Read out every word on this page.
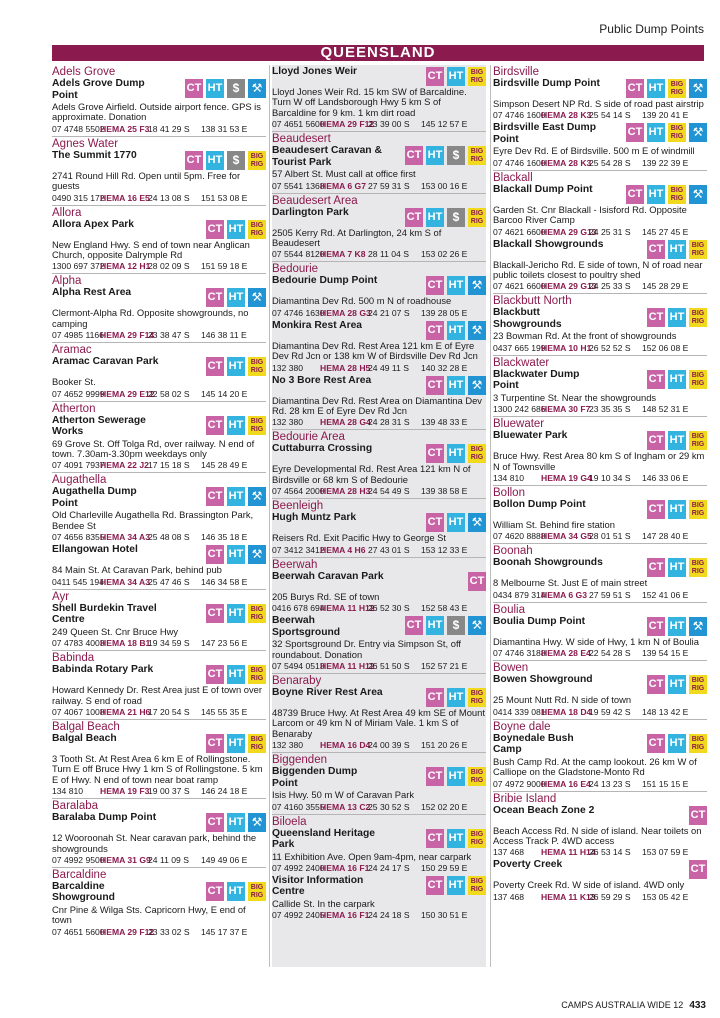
Public Dump Points
QUEENSLAND
Adels Grove
Adels Grove Dump Point
CT HT $	⚒
Adels Grove Airfield. Outside airport fence. GPS is approximate. Donation
07 4748 5502
HEMA 25 F3
18 41 29 S	138 31 53 E
Agnes Water
The Summit 1770	CT HT $	BIG RIG
2741 Round Hill Rd. Open until 5pm. Free for guests
0490 315 172
HEMA 16 E5
24 13 08 S	151 53 08 E
Allora
Allora Apex Park	CT HT	BIG RIG
New England Hwy. S end of town near Anglican Church, opposite Dalrymple Rd
1300 697 372
HEMA 12 H1
28 02 09 S	151 59 18 E
Alpha
Alpha Rest Area	CT HT ⚒
Clermont-Alpha Rd. Opposite showgrounds, no camping
07 4985 1166
HEMA 29 F14
23 38 47 S	146 38 11 E
Aramac
Aramac Caravan Park	CT HT	BIG RIG
Booker St.
07 4652 9999
HEMA 29 E12
22 58 02 S	145 14 20 E
Atherton
Atherton Sewerage Works
CT HT	BIG RIG
69 Grove St. Off Tolga Rd, over railway. N end of town. 7.30am-3.30pm weekdays only
07 4091 7937
HEMA 22 J2 17 15 18 S	145 28 49 E
Augathella
Augathella Dump Point
CT HT ⚒
Old Charleville Augathella Rd. Brassington Park, Bendee St
07 4656 8355
HEMA 34 A3
25 48 08 S	146 35 18 E
Ellangowan Hotel	CT HT ⚒
84 Main St. At Caravan Park, behind pub
0411 545 194
HEMA 34 A3
25 47 46 S	146 34 58 E
Ayr
Shell Burdekin Travel Centre
CT HT	BIG RIG
249 Queen St. Cnr Bruce Hwy
07 4783 4003
HEMA 18 B1
19 34 59 S	147 23 56 E
Babinda
Babinda Rotary Park	CT HT	BIG RIG
Howard Kennedy Dr. Rest Area just E of town over railway. S end of road
07 4067 1008
HEMA 21 H6
17 20 54 S	145 55 35 E
Balgal Beach
Balgal Beach	CT HT	BIG RIG
3 Tooth St. At Rest Area 6 km E of Rollingstone. Turn E off Bruce Hwy 1 km S of Rollingstone. 5 km E of Hwy. N end of town near boat ramp
134 810	HEMA 19 F3
19 00 37 S	146 24 18 E
Baralaba
Baralaba Dump Point	CT HT ⚒
12 Wooroonah St. Near caravan park, behind the showgrounds
07 4992 9500
HEMA 31 G9
24 11 09 S	149 49 06 E
Barcaldine
Barcaldine Showground
CT HT	BIG RIG
Cnr Pine & Wilga Sts. Capricorn Hwy, E end of town
07 4651 5600
HEMA 29 F12
23 33 02 S	145 17 37 E
Lloyd Jones Weir	CT HT	BIG RIG
Lloyd Jones Weir Rd. 15 km SW of Barcaldine. Turn W off Landsborough Hwy 5 km S of Barcaldine for 9 km. 1 km dirt road
07 4651 5600
HEMA 29 F12
23 39 00 S	145 12 57 E
Beaudesert
Beaudesert Caravan & Tourist Park
CT HT $	BIG RIG
57 Albert St. Must call at office first
07 5541 1368
HEMA 6 G7 27 59 31 S	153 00 16 E
Beaudesert Area
Darlington Park	CT HT $	BIG RIG
2505 Kerry Rd. At Darlington, 24 km S of Beaudesert
07 5544 8120
HEMA 7 K8 28 11 04 S	153 02 26 E
Bedourie
Bedourie Dump Point	CT HT ⚒
Diamantina Dev Rd. 500 m N of roadhouse
07 4746 1630
HEMA 28 G3
24 21 07 S	139 28 05 E
Monkira Rest Area	CT HT ⚒
Diamantina Dev Rd. Rest Area 121 km E of Eyre Dev Rd Jcn or 138 km W of Birdsville Dev Rd Jcn
132 380	HEMA 28 H5
24 49 11 S	140 32 28 E
No 3 Bore Rest Area	CT HT ⚒
Diamantina Dev Rd. Rest Area on Diamantina Dev Rd. 28 km E of Eyre Dev Rd Jcn
132 380	HEMA 28 G4
24 28 31 S	139 48 33 E
Bedourie Area
Cuttaburra Crossing	CT HT	BIG RIG
Eyre Developmental Rd. Rest Area 121 km N of Birdsville or 68 km S of Bedourie
07 4564 2000
HEMA 28 H3
24 54 49 S	139 38 58 E
Beenleigh
Hugh Muntz Park	CT HT ⚒
Reisers Rd. Exit Pacific Hwy to George St
07 3412 3412
HEMA 4 H6 27 43 01 S	153 12 33 E
Beerwah
Beerwah Caravan Park	CT
205 Burys Rd. SE of town
0416 678 694
HEMA 11 H12
26 52 30 S	152 58 43 E
Beerwah Sportsground
CT HT $	⚒
32 Sportsground Dr. Entry via Simpson St, off roundabout. Donation
07 5494 0513
HEMA 11 H12
26 51 50 S	152 57 21 E
Benaraby
Boyne River Rest Area	CT HT	BIG RIG
48739 Bruce Hwy. At Rest Area 49 km SE of Mount Larcom or 49 km N of Miriam Vale. 1 km S of Benaraby
132 380	HEMA 16 D4
24 00 39 S	151 20 26 E
Biggenden
Biggenden Dump Point
CT HT	BIG RIG
Isis Hwy. 50 m W of Caravan Park
07 4160 3555
HEMA 13 C2
25 30 52 S	152 02 20 E
Biloela
Queensland Heritage Park
CT HT	BIG RIG
11 Exhibition Ave. Open 9am-4pm, near carpark
07 4992 2400
HEMA 16 F1
24 24 17 S	150 29 59 E
Visitor Information Centre
CT HT	BIG RIG
Callide St. In the carpark
07 4992 2405
HEMA 16 F1
24 24 18 S	150 30 51 E
Birdsville
Birdsville Dump Point	CT HT	BIG RIG ⚒
Simpson Desert NP Rd. S side of road past airstrip
07 4746 1600
HEMA 28 K3
25 54 14 S	139 20 41 E
Birdsville East Dump Point
CT HT	BIG RIG ⚒
Eyre Dev Rd. E of Birdsville. 500 m E of windmill
07 4746 1600
HEMA 28 K3
25 54 28 S	139 22 39 E
Blackall
Blackall Dump Point	CT HT	BIG RIG ⚒
Garden St. Cnr Blackall - Isisford Rd. Opposite Barcoo River Camp
07 4621 6600
HEMA 29 G13
24 25 31 S	145 27 45 E
Blackall Showgrounds	CT HT	BIG RIG
Blackall-Jericho Rd. E side of town, N of road near public toilets closest to poultry shed
07 4621 6600
HEMA 29 G13
24 25 33 S	145 28 29 E
Blackbutt North
Blackbutt Showgrounds
CT HT	BIG RIG
23 Bowman Rd. At the front of showgrounds
0437 665 199
HEMA 10 H1
26 52 52 S	152 06 08 E
Blackwater
Blackwater Dump Point
CT HT	BIG RIG
3 Turpentine St. Near the showgrounds
1300 242 686
HEMA 30 F7
23 35 35 S	148 52 31 E
Bluewater
Bluewater Park	CT HT	BIG RIG
Bruce Hwy. Rest Area 80 km S of Ingham or 29 km N of Townsville
134 810	HEMA 19 G4
19 10 34 S	146 33 06 E
Bollon
Bollon Dump Point	CT HT	BIG RIG
William St. Behind fire station
07 4620 8888
HEMA 34 G5
28 01 51 S	147 28 40 E
Boonah
Boonah Showgrounds	CT HT	BIG RIG
8 Melbourne St. Just E of main street
0434 879 314
HEMA 6 G3 27 59 51 S	152 41 06 E
Boulia
Boulia Dump Point	CT HT ⚒
Diamantina Hwy. W side of Hwy, 1 km N of Boulia
07 4746 3188
HEMA 28 E4
22 54 28 S	139 54 15 E
Bowen
Bowen Showground	CT HT	BIG RIG
25 Mount Nutt Rd. N side of town
0414 339 081
HEMA 18 D4
19 59 42 S	148 13 42 E
Boyne dale
Boynedale Bush Camp
CT HT	BIG RIG
Bush Camp Rd. At the camp lookout. 26 km W of Calliope on the Gladstone-Monto Rd
07 4972 9000
HEMA 16 E4
24 13 23 S	151 15 15 E
Bribie Island
Ocean Beach Zone 2	CT
Beach Access Rd. N side of island. Near toilets on Access Track P. 4WD access
137 468	HEMA 11 H14
26 53 14 S	153 07 59 E
Poverty Creek	CT
Poverty Creek Rd. W side of island. 4WD only
137 468	HEMA 11 K13
26 59 29 S	153 05 42 E
CAMPS AUSTRALIA WIDE 12 433
